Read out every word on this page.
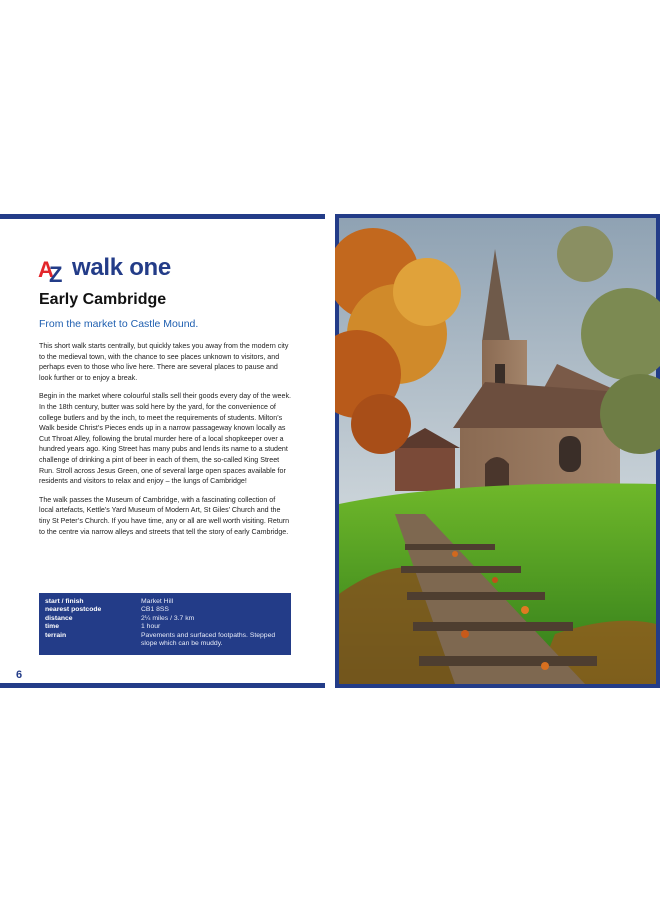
A
Z walk one
Early Cambridge
From the market to Castle Mound.

This short walk starts centrally, but quickly takes you away from the modern city to the medieval town, with the chance to see places unknown to visitors, and perhaps even to those who live here. There are several places to pause and look further or to enjoy a break.

Begin in the market where colourful stalls sell their goods every day of the week. In the 18th century, butter was sold here by the yard, for the convenience of college butlers and by the inch, to meet the requirements of students. Milton’s Walk beside Christ’s Pieces ends up in a narrow passageway known locally as Cut Throat Alley, following the brutal murder here of a local shopkeeper over a hundred years ago. King Street has many pubs and lends its name to a student challenge of drinking a pint of beer in each of them, the so-called King Street Run. Stroll across Jesus Green, one of several large open spaces available for residents and visitors to relax and enjoy – the lungs of Cambridge!

The walk passes the Museum of Cambridge, with a fascinating collection of local artefacts, Kettle’s Yard Museum of Modern Art, St Giles’ Church and the tiny St Peter’s Church. If you have time, any or all are well worth visiting. Return to the centre via narrow alleys and streets that tell the story of early Cambridge.

start / finish	Market Hill
nearest postcode	CB1 8SS
distance	2¼ miles / 3.7 km
time	1 hour
terrain	Pavements and surfaced footpaths. Stepped slope which can be muddy.
6
